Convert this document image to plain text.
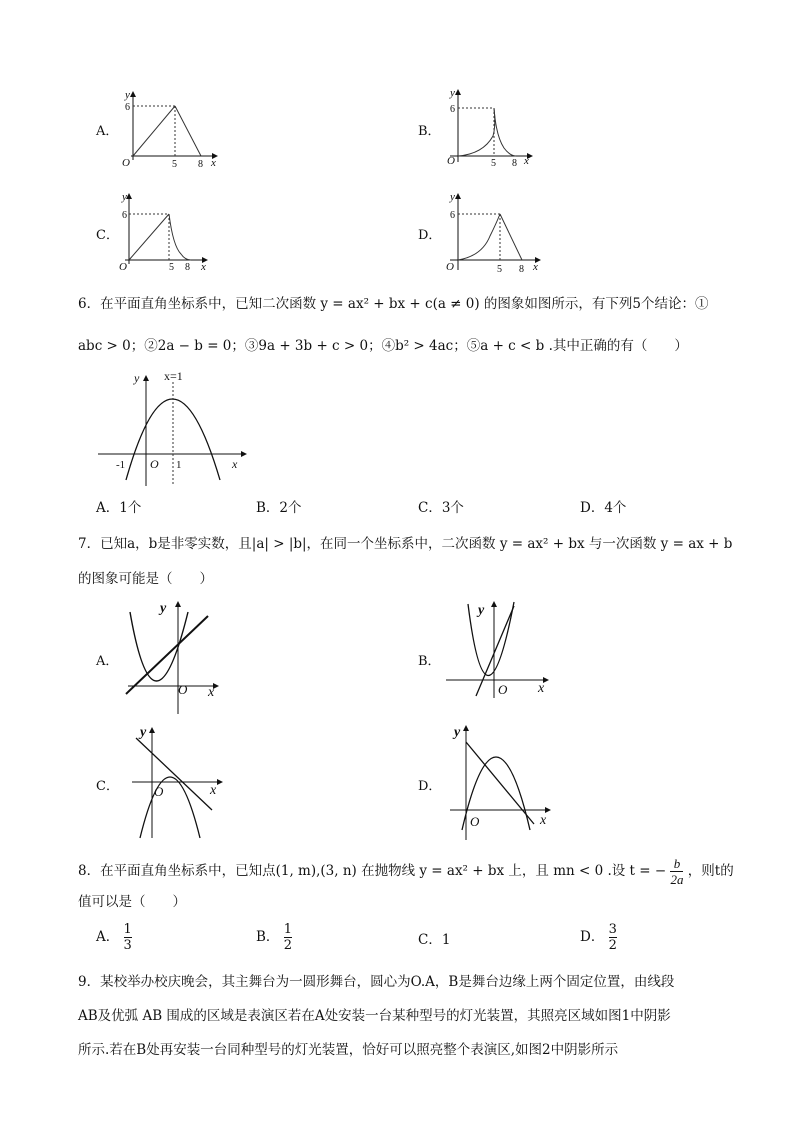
A．
y
6
O	5 8 x
B．
y
6
O	5 8 x
C．
y
6
O	5 8 x
D．
y
6
O	5 8 x
6．在平面直角坐标系中，已知二次函数 y = ax² + bx + c(a ≠ 0) 的图象如图所示，有下列5个结论：①
abc > 0；②2a − b = 0；③9a + 3b + c > 0；④b² > 4ac；⑤a + c < b .其中正确的有（　　）
y x=1
-1 O 1	x
A．1个	B．2个	C．3个	D．4个
7．已知a，b是非零实数，且|a| > |b|，在同一个坐标系中，二次函数 y = ax² + bx 与一次函数 y = ax + b
的图象可能是（　　）
A．
y
O x
B．
y
O x
C．
y
O	x	D．
y
O	x
8．在平面直角坐标系中，已知点(1, m),(3, n) 在抛物线 y = ax² + bx 上，且 mn < 0 .设 t = − $\frac{b}{2a}$ ，则t的
值可以是（　　）
A． $\frac{1}{3}$	B． $\frac{1}{2}$	C．1	D． $\frac{3}{2}$
9．某校举办校庆晚会，其主舞台为一圆形舞台，圆心为O.A，B是舞台边缘上两个固定位置，由线段
AB及优弧 AB 围成的区域是表演区若在A处安装一台某种型号的灯光装置，其照亮区域如图1中阴影
所示.若在B处再安装一台同种型号的灯光装置，恰好可以照亮整个表演区,如图2中阴影所示
